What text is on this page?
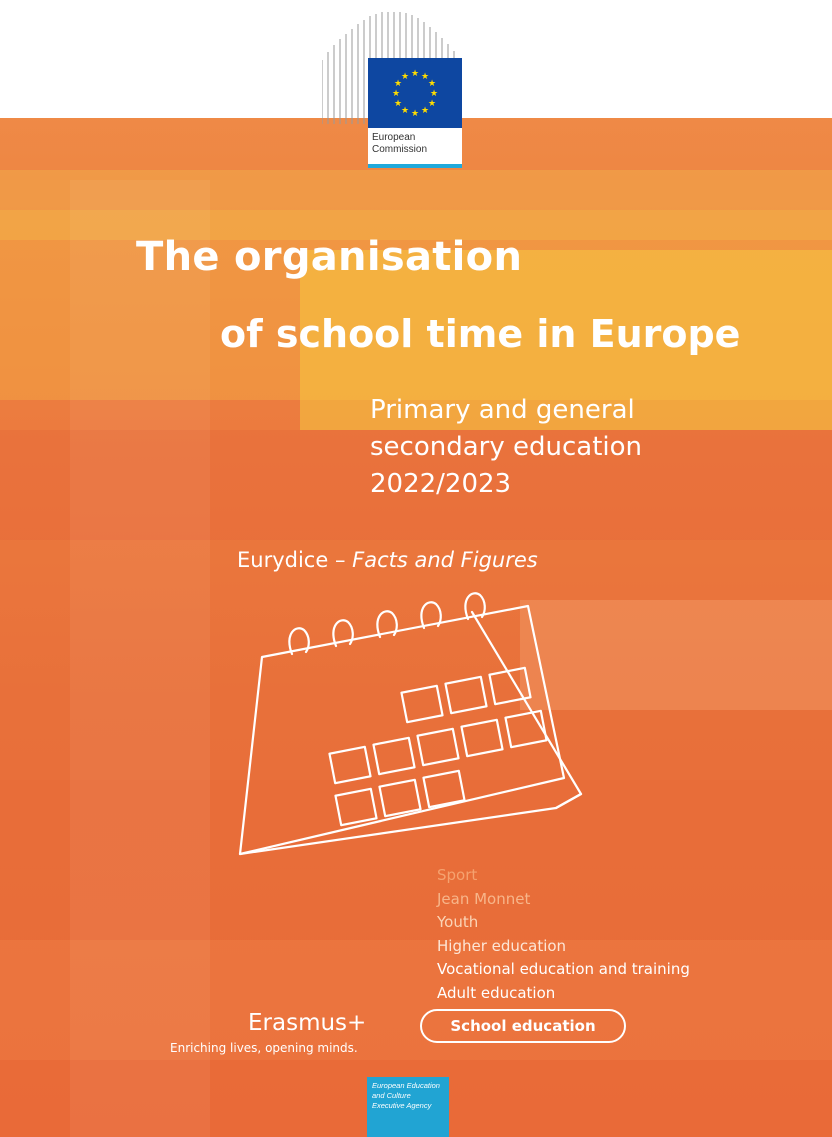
★ ★
★
★
★
★
★
★
★
★
★
★
European
Commission
The organisation
of school time in Europe
Primary and general
secondary education
2022/2023
Eurydice – Facts and Figures
Sport
Jean Monnet
Youth
Higher education
Vocational education and training
Adult education
Erasmus+
Enriching lives, opening minds.
School education
European Education
and Culture
Executive Agency
